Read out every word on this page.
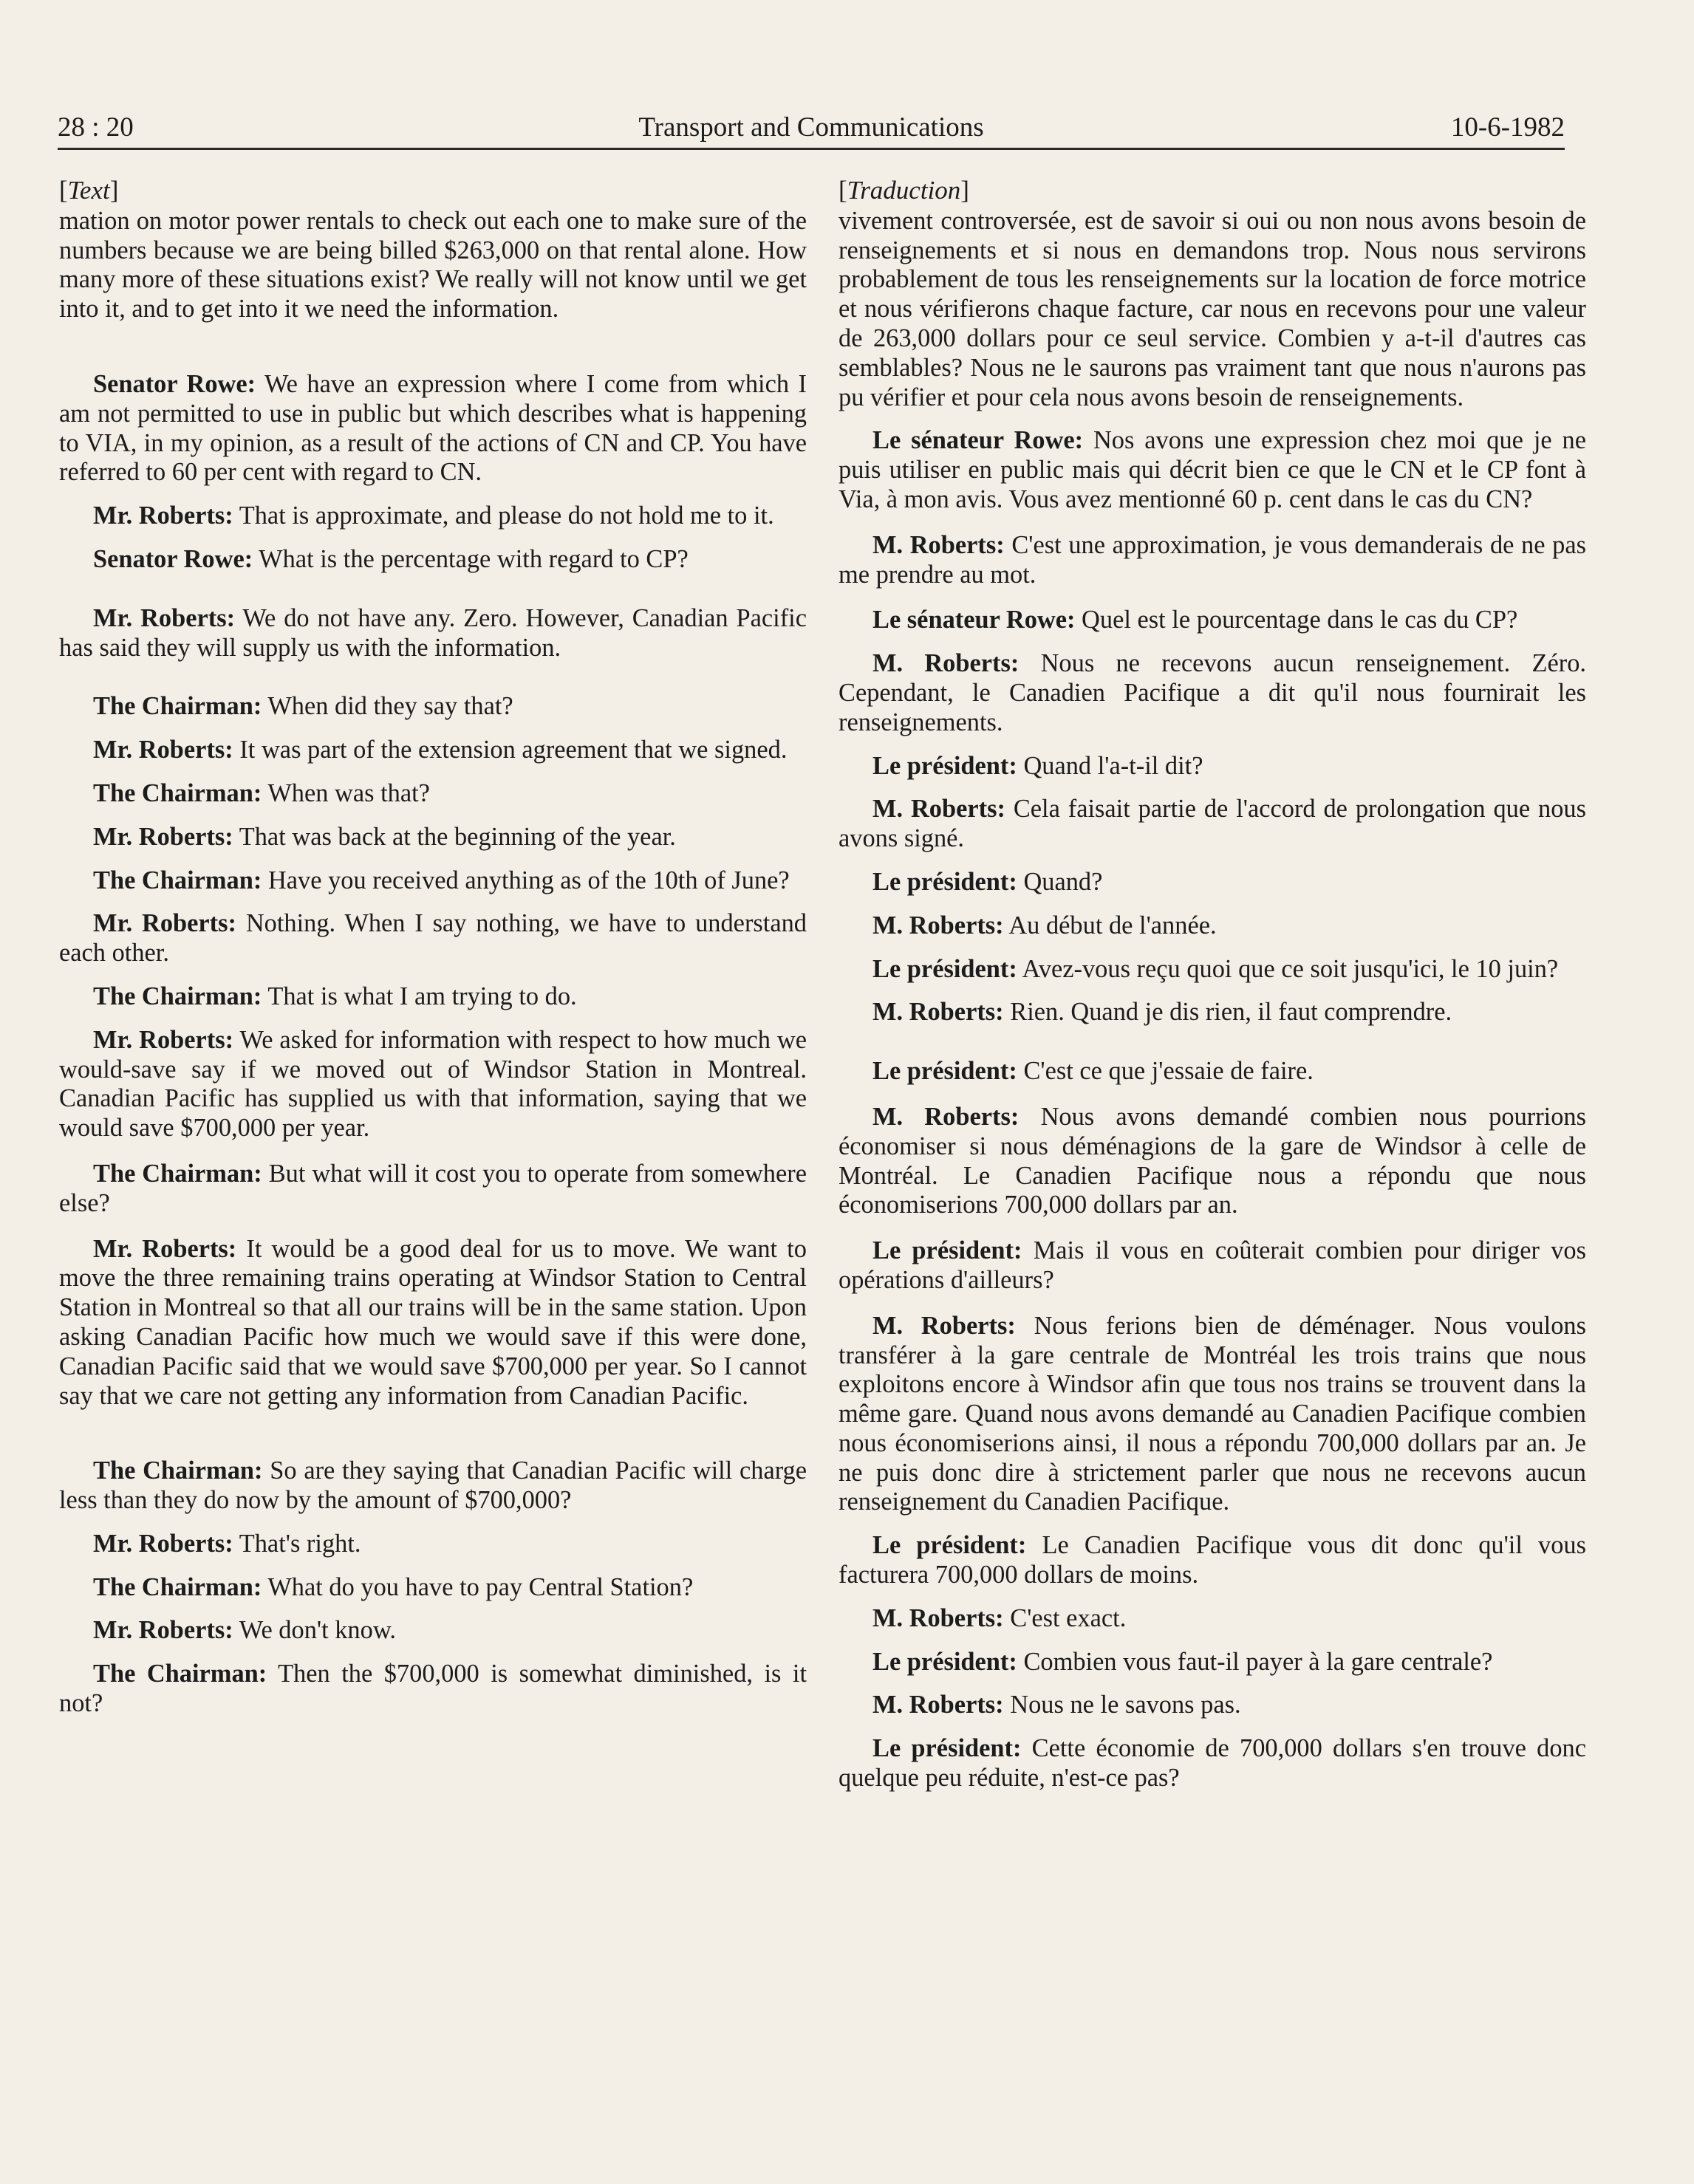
28 : 20	Transport and Communications	10-6-1982

[Text]

mation on motor power rentals to check out each one to make sure of the numbers because we are being billed $263,000 on that rental alone. How many more of these situations exist? We really will not know until we get into it, and to get into it we need the information.

Senator Rowe: We have an expression where I come from which I am not permitted to use in public but which describes what is happening to VIA, in my opinion, as a result of the actions of CN and CP. You have referred to 60 per cent with regard to CN.

Mr. Roberts: That is approximate, and please do not hold me to it.

Senator Rowe: What is the percentage with regard to CP?

Mr. Roberts: We do not have any. Zero. However, Canadian Pacific has said they will supply us with the information.

The Chairman: When did they say that?

Mr. Roberts: It was part of the extension agreement that we signed.

The Chairman: When was that?

Mr. Roberts: That was back at the beginning of the year.

The Chairman: Have you received anything as of the 10th of June?

Mr. Roberts: Nothing. When I say nothing, we have to understand each other.

The Chairman: That is what I am trying to do.

Mr. Roberts: We asked for information with respect to how much we would-save say if we moved out of Windsor Station in Montreal. Canadian Pacific has supplied us with that information, saying that we would save $700,000 per year.

The Chairman: But what will it cost you to operate from somewhere else?

Mr. Roberts: It would be a good deal for us to move. We want to move the three remaining trains operating at Windsor Station to Central Station in Montreal so that all our trains will be in the same station. Upon asking Canadian Pacific how much we would save if this were done, Canadian Pacific said that we would save $700,000 per year. So I cannot say that we care not getting any information from Canadian Pacific.

The Chairman: So are they saying that Canadian Pacific will charge less than they do now by the amount of $700,000?

Mr. Roberts: That's right.

The Chairman: What do you have to pay Central Station?

Mr. Roberts: We don't know.

The Chairman: Then the $700,000 is somewhat diminished, is it not?

[Traduction]

vivement controversée, est de savoir si oui ou non nous avons besoin de renseignements et si nous en demandons trop. Nous nous servirons probablement de tous les renseignements sur la location de force motrice et nous vérifierons chaque facture, car nous en recevons pour une valeur de 263,000 dollars pour ce seul service. Combien y a-t-il d'autres cas semblables? Nous ne le saurons pas vraiment tant que nous n'aurons pas pu vérifier et pour cela nous avons besoin de renseignements.

Le sénateur Rowe: Nos avons une expression chez moi que je ne puis utiliser en public mais qui décrit bien ce que le CN et le CP font à Via, à mon avis. Vous avez mentionné 60 p. cent dans le cas du CN?

M. Roberts: C'est une approximation, je vous demanderais de ne pas me prendre au mot.

Le sénateur Rowe: Quel est le pourcentage dans le cas du CP?

M. Roberts: Nous ne recevons aucun renseignement. Zéro. Cependant, le Canadien Pacifique a dit qu'il nous fournirait les renseignements.

Le président: Quand l'a-t-il dit?

M. Roberts: Cela faisait partie de l'accord de prolongation que nous avons signé.

Le président: Quand?

M. Roberts: Au début de l'année.

Le président: Avez-vous reçu quoi que ce soit jusqu'ici, le 10 juin?

M. Roberts: Rien. Quand je dis rien, il faut comprendre.

Le président: C'est ce que j'essaie de faire.

M. Roberts: Nous avons demandé combien nous pourrions économiser si nous déménagions de la gare de Windsor à celle de Montréal. Le Canadien Pacifique nous a répondu que nous économiserions 700,000 dollars par an.

Le président: Mais il vous en coûterait combien pour diriger vos opérations d'ailleurs?

M. Roberts: Nous ferions bien de déménager. Nous voulons transférer à la gare centrale de Montréal les trois trains que nous exploitons encore à Windsor afin que tous nos trains se trouvent dans la même gare. Quand nous avons demandé au Canadien Pacifique combien nous économiserions ainsi, il nous a répondu 700,000 dollars par an. Je ne puis donc dire à strictement parler que nous ne recevons aucun renseignement du Canadien Pacifique.

Le président: Le Canadien Pacifique vous dit donc qu'il vous facturera 700,000 dollars de moins.

M. Roberts: C'est exact.

Le président: Combien vous faut-il payer à la gare centrale?

M. Roberts: Nous ne le savons pas.

Le président: Cette économie de 700,000 dollars s'en trouve donc quelque peu réduite, n'est-ce pas?
